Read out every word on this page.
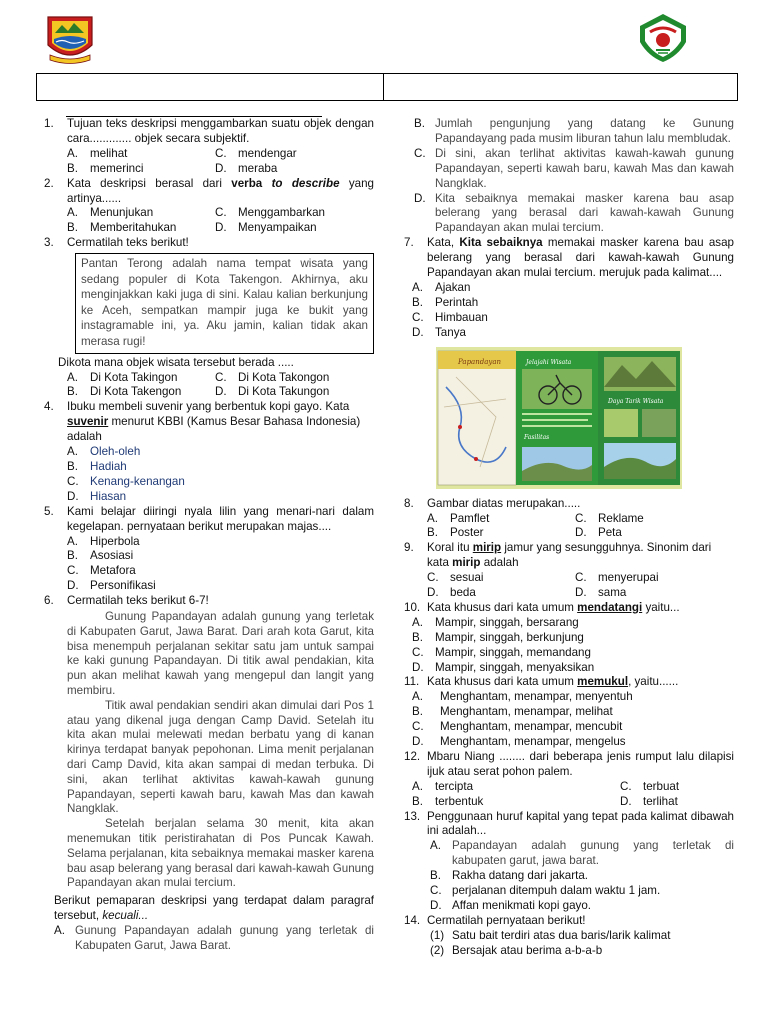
1. Tujuan teks deskripsi menggambarkan suatu objek dengan cara............. objek secara subjektif.
A. melihat	C. mendengar
B. memerinci	D. meraba
2. Kata deskripsi berasal dari verba to describe yang artinya......
A. Menunjukan	C. Menggambarkan
B. Memberitahukan	D. Menyampaikan
3. Cermatilah teks berikut!
Pantan Terong adalah nama tempat wisata yang sedang populer di Kota Takengon. Akhirnya, aku menginjakkan kaki juga di sini. Kalau kalian berkunjung ke Aceh, sempatkan mampir juga ke bukit yang instagramable ini, ya. Aku jamin, kalian tidak akan merasa rugi!
Dikota mana objek wisata tersebut berada .....
A. Di Kota Takingon	C. Di Kota Takongon
B. Di Kota Takengon	D. Di Kota Takungon
4. Ibuku membeli suvenir yang berbentuk kopi gayo. Kata suvenir menurut KBBI (Kamus Besar Bahasa Indonesia) adalah
A. Oleh-oleh
B. Hadiah
C. Kenang-kenangan
D. Hiasan
5. Kami belajar diiringi nyala lilin yang menari-nari dalam kegelapan. pernyataan berikut merupakan majas....
A. Hiperbola
B. Asosiasi
C. Metafora
D. Personifikasi
6. Cermatilah teks berikut 6-7!

Gunung Papandayan adalah gunung yang terletak di Kabupaten Garut, Jawa Barat. Dari arah kota Garut, kita bisa menempuh perjalanan sekitar satu jam untuk sampai ke kaki gunung Papandayan. Di titik awal pendakian, kita pun akan melihat kawah yang mengepul dan langit yang membiru.

Titik awal pendakian sendiri akan dimulai dari Pos 1 atau yang dikenal juga dengan Camp David. Setelah itu kita akan mulai melewati medan berbatu yang di kanan kirinya terdapat banyak pepohonan. Lima menit perjalanan dari Camp David, kita akan sampai di medan terbuka. Di sini, akan terlihat aktivitas kawah-kawah gunung Papandayan, seperti kawah baru, kawah Mas dan kawah Nangklak.

Setelah berjalan selama 30 menit, kita akan menemukan titik peristirahatan di Pos Puncak Kawah. Selama perjalanan, kita sebaiknya memakai masker karena bau asap belerang yang berasal dari kawah-kawah Gunung Papandayan akan mulai tercium.

Berikut pemaparan deskripsi yang terdapat dalam paragraf tersebut, kecuali...
A. Gunung Papandayan adalah gunung yang terletak di Kabupaten Garut, Jawa Barat.
B. Jumlah pengunjung yang datang ke Gunung Papandayang pada musim liburan tahun lalu membludak.
C. Di sini, akan terlihat aktivitas kawah-kawah gunung Papandayan, seperti kawah baru, kawah Mas dan kawah Nangklak.
D. Kita sebaiknya memakai masker karena bau asap belerang yang berasal dari kawah-kawah Gunung Papandayan akan mulai tercium.
7. Kata, Kita sebaiknya memakai masker karena bau asap belerang yang berasal dari kawah-kawah Gunung Papandayan akan mulai tercium. merujuk pada kalimat....
A. Ajakan
B. Perintah
C. Himbauan
D. Tanya
Papandayan	Jelajahi Wisata
Fasilitas
Daya Tarik Wisata
8. Gambar diatas merupakan.....
A. Pamflet	C. Reklame
B. Poster	D. Peta
9. Koral itu mirip jamur yang sesungguhnya. Sinonim dari kata mirip adalah
C. sesuai	C. menyerupai
D. beda	D. sama
10. Kata khusus dari kata umum mendatangi yaitu...
A. Mampir, singgah, bersarang
B. Mampir, singgah, berkunjung
C. Mampir, singgah, memandang
D. Mampir, singgah, menyaksikan
11. Kata khusus dari kata umum memukul, yaitu......
A. Menghantam, menampar, menyentuh
B. Menghantam, menampar, melihat
C. Menghantam, menampar, mencubit
D. Menghantam, menampar, mengelus
12. Mbaru Niang ........ dari beberapa jenis rumput lalu dilapisi ijuk atau serat pohon palem.
A. tercipta	C. terbuat
B. terbentuk	D. terlihat
13. Penggunaan huruf kapital yang tepat pada kalimat dibawah ini adalah...
A. Papandayan adalah gunung yang terletak di kabupaten garut, jawa barat.
B. Rakha datang dari jakarta.
C. perjalanan ditempuh dalam waktu 1 jam.
D. Affan menikmati kopi gayo.
14. Cermatilah pernyataan berikut!
(1) Satu bait terdiri atas dua baris/larik kalimat
(2) Bersajak atau berima a-b-a-b
